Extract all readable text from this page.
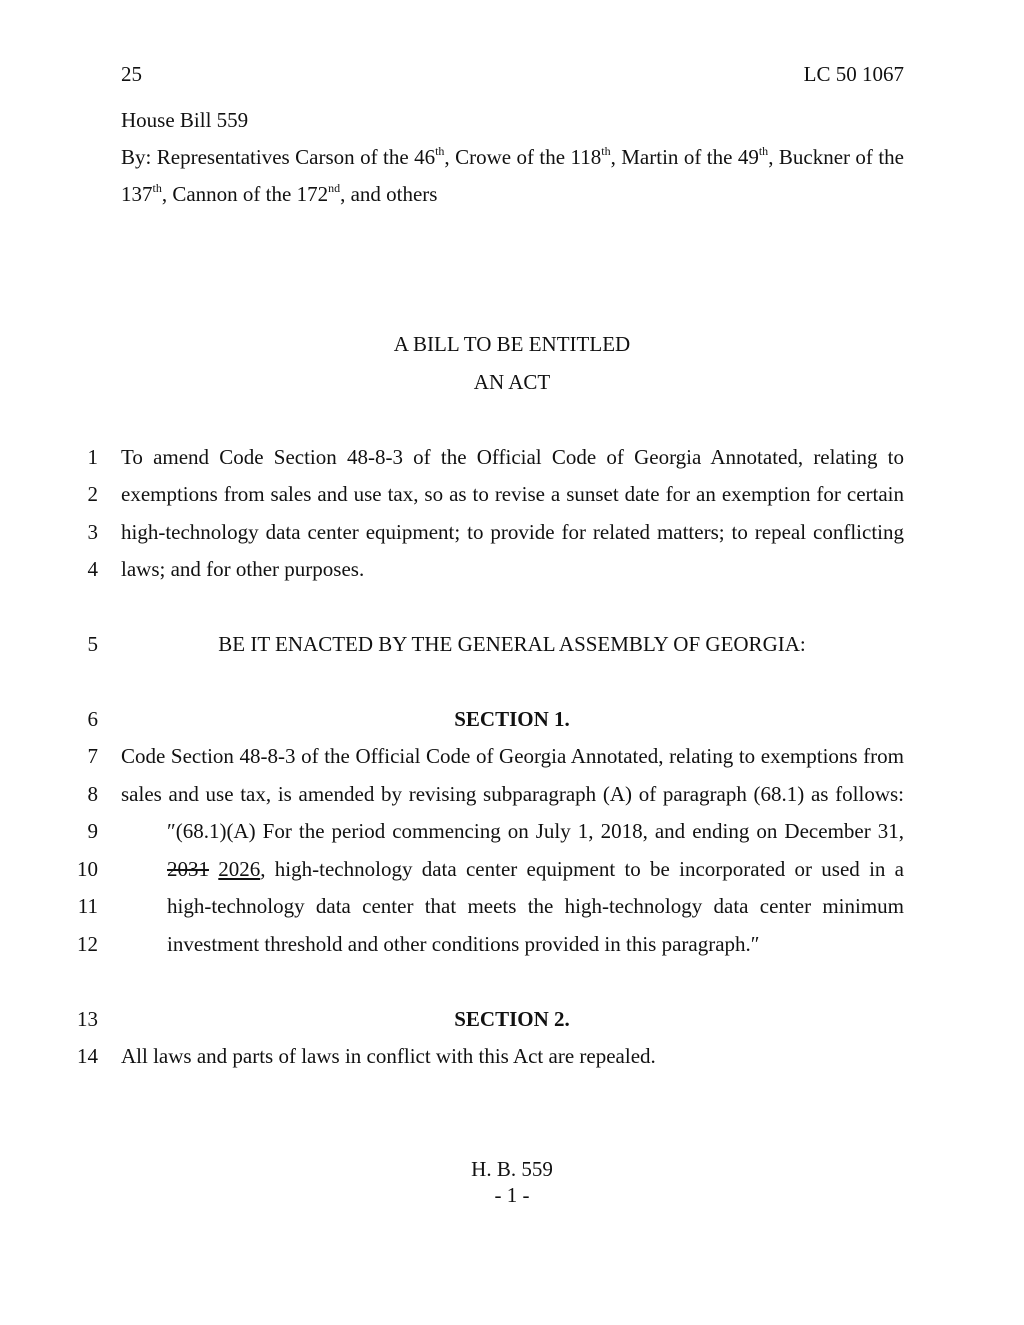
25	LC 50 1067
House Bill 559
By: Representatives Carson of the 46th, Crowe of the 118th, Martin of the 49th, Buckner of the
137th, Cannon of the 172nd, and others
A BILL TO BE ENTITLED
AN ACT
1 To amend Code Section 48-8-3 of the Official Code of Georgia Annotated, relating to
2 exemptions from sales and use tax, so as to revise a sunset date for an exemption for certain
3 high-technology data center equipment; to provide for related matters; to repeal conflicting
4 laws; and for other purposes.
5	BE IT ENACTED BY THE GENERAL ASSEMBLY OF GEORGIA:
6	SECTION 1.
7 Code Section 48-8-3 of the Official Code of Georgia Annotated, relating to exemptions from
8 sales and use tax, is amended by revising subparagraph (A) of paragraph (68.1) as follows:
9	″(68.1)(A) For the period commencing on July 1, 2018, and ending on December 31,
10	2031 2026, high-technology data center equipment to be incorporated or used in a
11	high-technology data center that meets the high-technology data center minimum
12	investment threshold and other conditions provided in this paragraph.″
13	SECTION 2.
14 All laws and parts of laws in conflict with this Act are repealed.
H. B. 559
- 1 -
